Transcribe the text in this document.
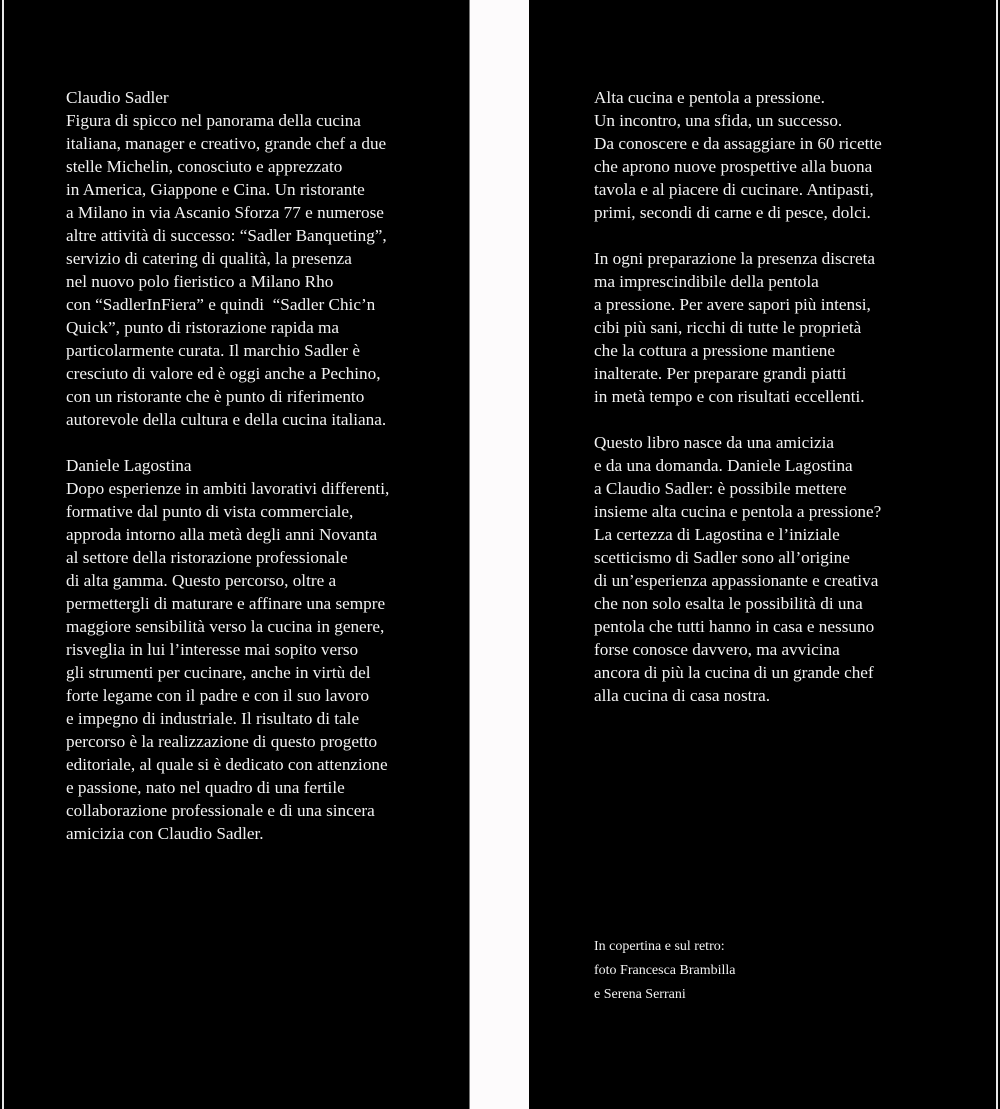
Claudio Sadler
Figura di spicco nel panorama della cucina
italiana, manager e creativo, grande chef a due
stelle Michelin, conosciuto e apprezzato
in America, Giappone e Cina. Un ristorante
a Milano in via Ascanio Sforza 77 e numerose
altre attività di successo: “Sadler Banqueting”,
servizio di catering di qualità, la presenza
nel nuovo polo fieristico a Milano Rho
con “SadlerInFiera” e quindi  “Sadler Chic’n
Quick”, punto di ristorazione rapida ma
particolarmente curata. Il marchio Sadler è
cresciuto di valore ed è oggi anche a Pechino,
con un ristorante che è punto di riferimento
autorevole della cultura e della cucina italiana.
Daniele Lagostina
Dopo esperienze in ambiti lavorativi differenti,
formative dal punto di vista commerciale,
approda intorno alla metà degli anni Novanta
al settore della ristorazione professionale
di alta gamma. Questo percorso, oltre a
permettergli di maturare e affinare una sempre
maggiore sensibilità verso la cucina in genere,
risveglia in lui l’interesse mai sopito verso
gli strumenti per cucinare, anche in virtù del
forte legame con il padre e con il suo lavoro
e impegno di industriale. Il risultato di tale
percorso è la realizzazione di questo progetto
editoriale, al quale si è dedicato con attenzione
e passione, nato nel quadro di una fertile
collaborazione professionale e di una sincera
amicizia con Claudio Sadler.
Alta cucina e pentola a pressione.
Un incontro, una sfida, un successo.
Da conoscere e da assaggiare in 60 ricette
che aprono nuove prospettive alla buona
tavola e al piacere di cucinare. Antipasti,
primi, secondi di carne e di pesce, dolci.
In ogni preparazione la presenza discreta
ma imprescindibile della pentola
a pressione. Per avere sapori più intensi,
cibi più sani, ricchi di tutte le proprietà
che la cottura a pressione mantiene
inalterate. Per preparare grandi piatti
in metà tempo e con risultati eccellenti.
Questo libro nasce da una amicizia
e da una domanda. Daniele Lagostina
a Claudio Sadler: è possibile mettere
insieme alta cucina e pentola a pressione?
La certezza di Lagostina e l’iniziale
scetticismo di Sadler sono all’origine
di un’esperienza appassionante e creativa
che non solo esalta le possibilità di una
pentola che tutti hanno in casa e nessuno
forse conosce davvero, ma avvicina
ancora di più la cucina di un grande chef
alla cucina di casa nostra.
In copertina e sul retro:
foto Francesca Brambilla
e Serena Serrani
